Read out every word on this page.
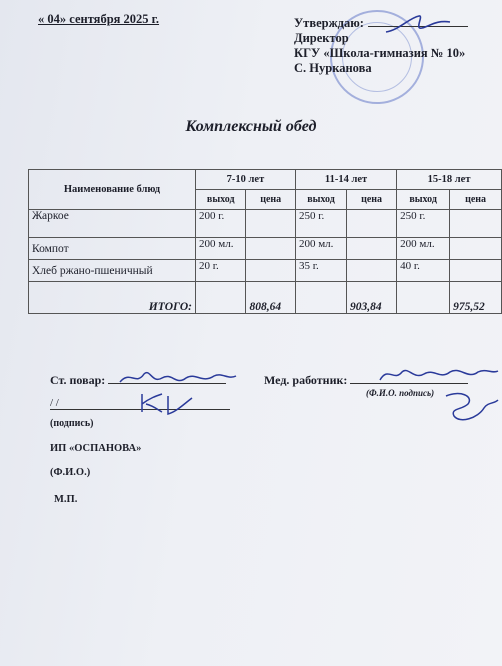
« 04» сентября 2025 г.	Утверждаю:
Директор
КГУ «Школа-гимназия № 10»
С. Нурканова
Комплексный обед
Наименование блюд	7-10 лет		11-14 лет		15-18 лет	
	выход	цена	выход	цена	выход	цена
Жаркое	200 г.		250 г.		250 г.	
Компот	200 мл.		200 мл.		200 мл.	
Хлеб ржано-пшеничный	20 г.		35 г.		40 г.	
ИТОГО:		808,64		903,84		975,52
Ст. повар:	Мед. работник:
(Ф.И.О. подпись)
/ /
(подпись)
ИП «ОСПАНОВА»
(Ф.И.О.)
М.П.
